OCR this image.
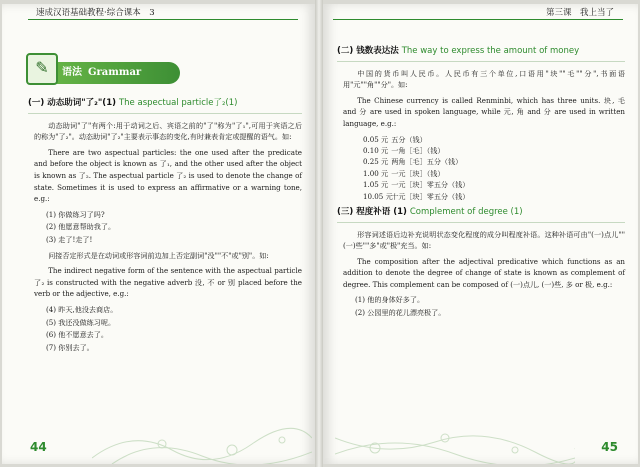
速成汉语基础教程·综合课本　3
✎	语法 Grammar
(一) 动态助词"了₂"(1) The aspectual particle了₂(1)

动态助词"了"有两个:用于动词之后、宾语之前的"了"称为"了₁",可用于宾语之后的称为"了₂"。动态助词"了₂"主要表示事态的变化,有时兼表肯定或提醒的语气。如:

There are two aspectual particles: the one used after the predicate and before the object is known as 了₁, and the other used after the object is known as 了₂. The aspectual particle 了₂ is used to denote the change of state. Sometimes it is used to express an affirmative or a warning tone, e.g.:

(1) 你做练习了吗?
(2) 他愿意帮助我了。
(3) 走了!走了!

问接否定形式是在动词或形容词前边加上否定副词"没""不"或"别"。如:

The indirect negative form of the sentence with the aspectual particle 了₂ is constructed with the negative adverb 没, 不 or 别 placed before the verb or the adjective, e.g.:

(4) 昨天,他没去商店。
(5) 我还没做练习呢。
(6) 他不愿意去了。
(7) 你别去了。
44
第三课　我上当了
(二) 钱数表达法 The way to express the amount of money

中国的货币叫人民币。人民币有三个单位,口语用"块""毛""分",书面语用"元""角""分"。如:

The Chinese currency is called Renminbi, which has three units. 块, 毛 and 分 are used in spoken language, while 元, 角 and 分 are used in written language, e.g.:

0.05 元 五分（钱）
0.10 元 一角［毛］（钱）
0.25 元 两角［毛］五分（钱）
1.00 元 一元［块］（钱）
1.05 元 一元［块］零五分（钱）
10.05 元 十元［块］零五分（钱）
(三) 程度补语 (1) Complement of degree (1)

形容词述语后边补充说明状态变化程度的成分叫程度补语。这种补语可由"(一)点儿""(一)些""多"或"极"充当。如:

The composition after the adjectival predicative which functions as an addition to denote the degree of change of state is known as complement of degree. This complement can be composed of (一)点儿, (一)些, 多 or 极, e.g.:

(1) 他的身体好多了。
(2) 公园里的花儿漂亮极了。
45
